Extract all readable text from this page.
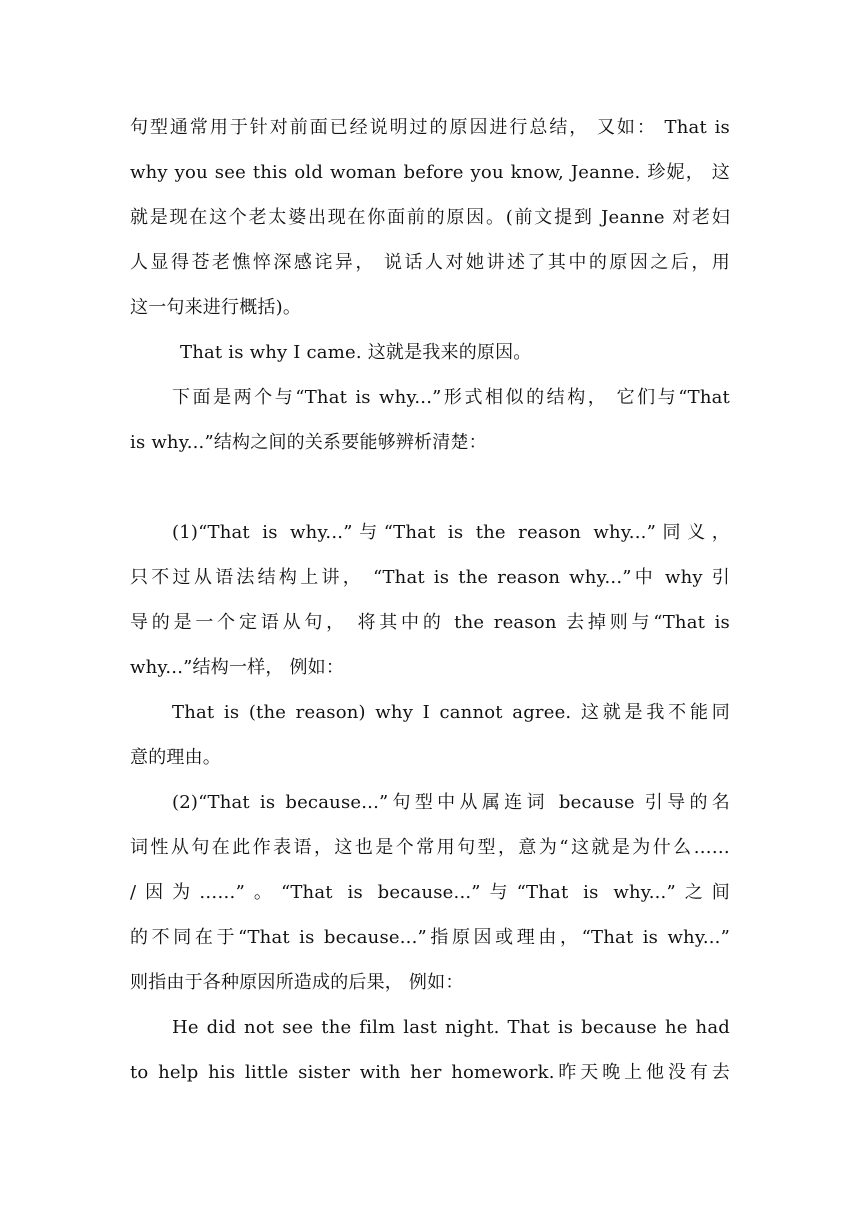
句型通常用于针对前面已经说明过的原因进行总结， 又如： That is
why you see this old woman before you know, Jeanne. 珍妮， 这
就是现在这个老太婆出现在你面前的原因。(前文提到 Jeanne 对老妇
人显得苍老憔悴深感诧异， 说话人对她讲述了其中的原因之后，用
这一句来进行概括)。
That is why I came. 这就是我来的原因。
下面是两个与“That is why...”形式相似的结构， 它们与“That
is why...”结构之间的关系要能够辨析清楚：
(1)“That is why...”与“That is the reason why...”同义，
只不过从语法结构上讲， “That is the reason why...”中 why 引
导的是一个定语从句， 将其中的 the reason 去掉则与“That is
why...”结构一样， 例如：
That is (the reason) why I cannot agree. 这就是我不能同
意的理由。
(2)“That is because...”句型中从属连词 because 引导的名
词性从句在此作表语，这也是个常用句型，意为“这就是为什么……
/因为……”。“That is because...”与“That is why...”之间
的不同在于“That is because...”指原因或理由，“That is why...”
则指由于各种原因所造成的后果， 例如：
He did not see the film last night. That is because he had
to help his little sister with her homework.昨天晚上他没有去
